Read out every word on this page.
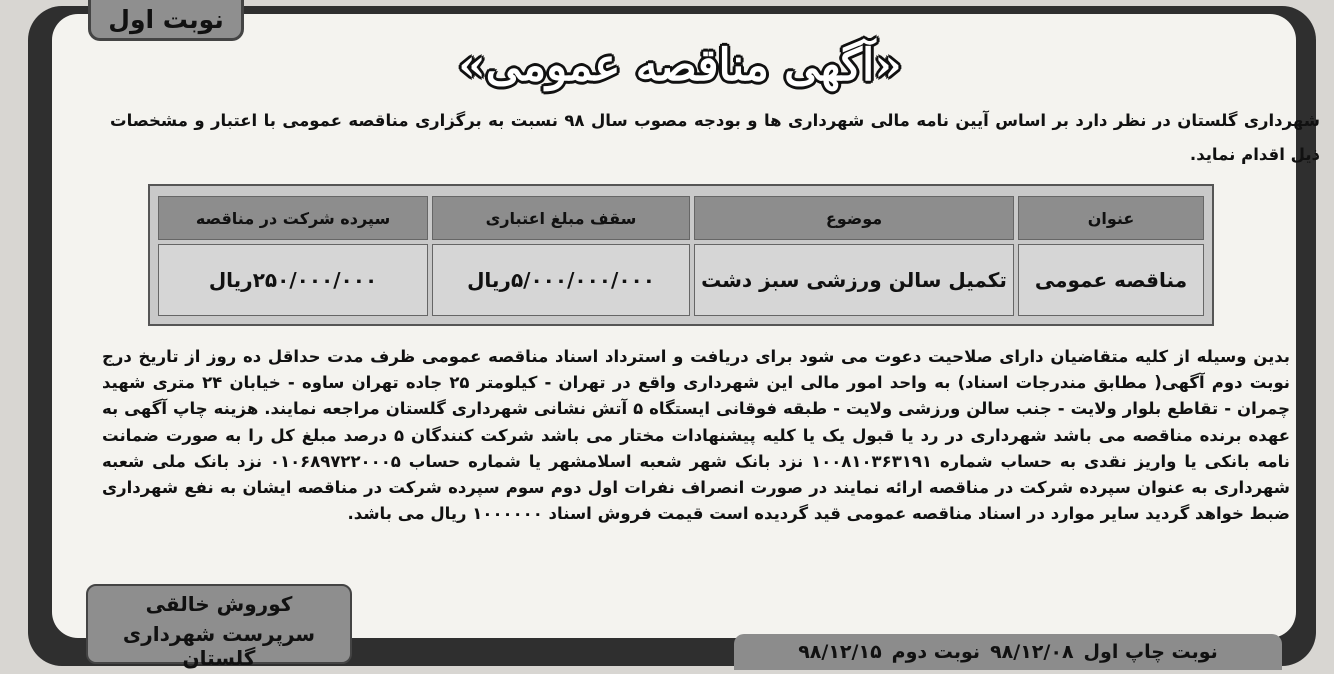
نوبت اول
«آگهی مناقصه عمومی»
شهرداری گلستان در نظر دارد بر اساس آیین نامه مالی شهرداری ها و بودجه مصوب سال ۹۸ نسبت به برگزاری مناقصه عمومی با اعتبار و مشخصات ذیل اقدام نماید.
عنوان
موضوع
سقف مبلغ اعتباری
سپرده شرکت در مناقصه
مناقصه عمومی
تکمیل سالن ورزشی سبز دشت
۵/۰۰۰/۰۰۰/۰۰۰ریال
۲۵۰/۰۰۰/۰۰۰ریال
بدین وسیله از کلیه متقاضیان دارای صلاحیت دعوت می شود برای دریافت و استرداد اسناد مناقصه عمومی ظرف مدت حداقل ده روز از تاریخ درج نوبت دوم آگهی( مطابق مندرجات اسناد) به واحد امور مالی این شهرداری واقع در تهران - کیلومتر ۲۵ جاده تهران ساوه - خیابان ۲۴ متری شهید چمران - تقاطع بلوار ولایت - جنب سالن ورزشی ولایت - طبقه فوقانی ایستگاه ۵ آتش نشانی شهرداری گلستان مراجعه نمایند. هزینه چاپ آگهی به عهده برنده مناقصه می باشد شهرداری در رد یا قبول یک یا کلیه پیشنهادات مختار می باشد شرکت کنندگان ۵ درصد مبلغ کل را به صورت ضمانت نامه بانکی یا واریز نقدی به حساب شماره ۱۰۰۸۱۰۳۶۳۱۹۱ نزد بانک شهر شعبه اسلامشهر یا شماره حساب ۰۱۰۶۸۹۷۲۲۰۰۰۵ نزد بانک ملی شعبه شهرداری به عنوان سپرده شرکت در مناقصه ارائه نمایند در صورت انصراف نفرات اول دوم سوم سپرده شرکت در مناقصه ایشان به نفع شهرداری ضبط خواهد گردید سایر موارد در اسناد مناقصه عمومی قید گردیده است قیمت فروش اسناد ۱۰۰۰۰۰۰ ریال می باشد.
کوروش خالقی
سرپرست شهرداری گلستان	نوبت چاپ اول
۹۸/۱۲/۰۸
نوبت دوم
۹۸/۱۲/۱۵
